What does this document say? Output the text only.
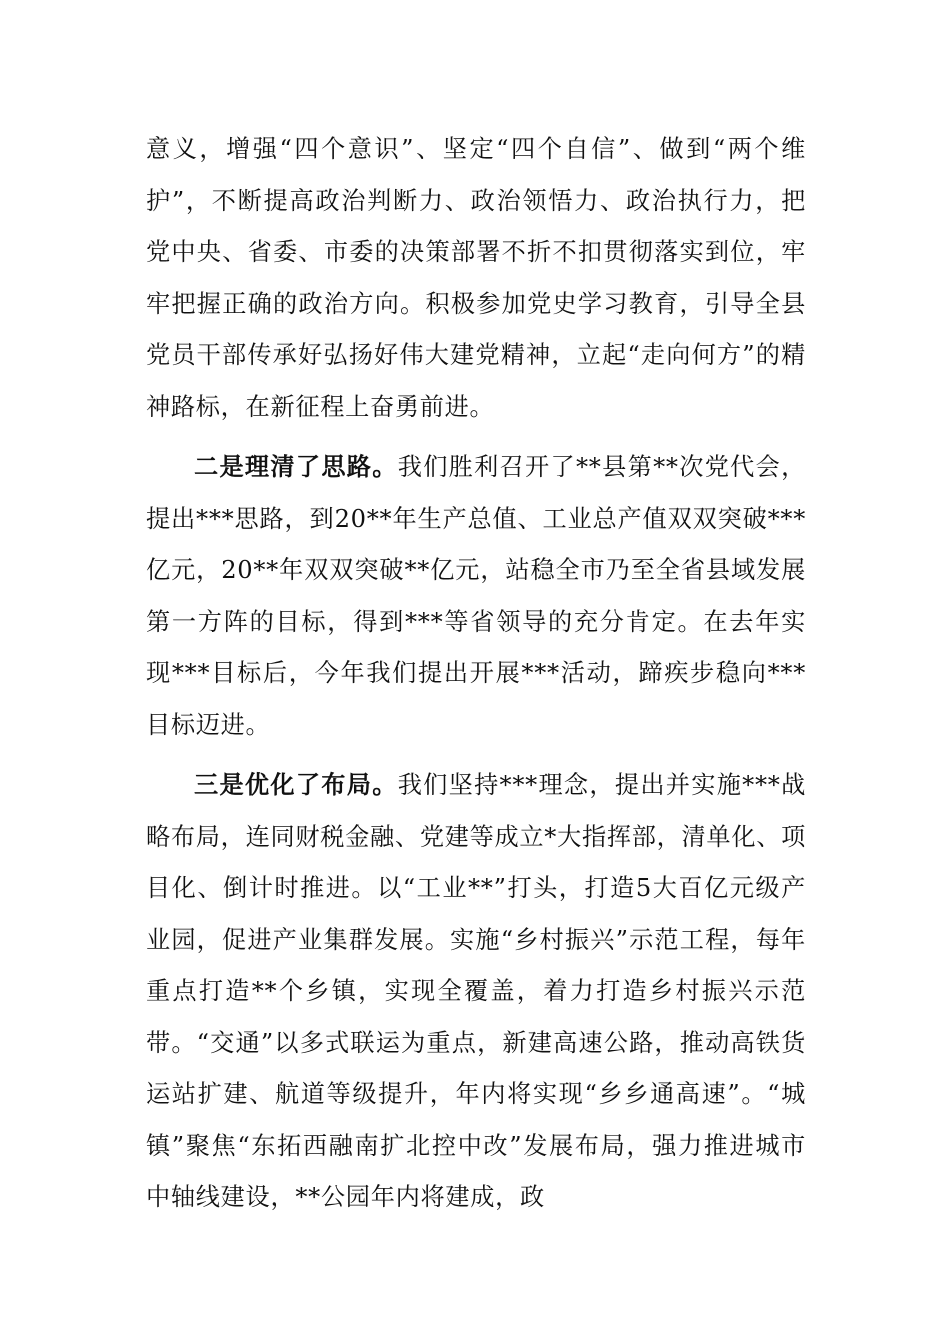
意义，增强“四个意识”、坚定“四个自信”、做到“两个维护”，不断提高政治判断力、政治领悟力、政治执行力，把党中央、省委、市委的决策部署不折不扣贯彻落实到位，牢牢把握正确的政治方向。积极参加党史学习教育，引导全县党员干部传承好弘扬好伟大建党精神，立起“走向何方”的精神路标，在新征程上奋勇前进。

二是理清了思路。我们胜利召开了**县第**次党代会，提出***思路，到20**年生产总值、工业总产值双双突破***亿元，20**年双双突破**亿元，站稳全市乃至全省县域发展第一方阵的目标，得到***等省领导的充分肯定。在去年实现***目标后，今年我们提出开展***活动，蹄疾步稳向***目标迈进。

三是优化了布局。我们坚持***理念，提出并实施***战略布局，连同财税金融、党建等成立*大指挥部，清单化、项目化、倒计时推进。以“工业**”打头，打造5大百亿元级产业园，促进产业集群发展。实施“乡村振兴”示范工程，每年重点打造**个乡镇，实现全覆盖，着力打造乡村振兴示范带。“交通”以多式联运为重点，新建高速公路，推动高铁货运站扩建、航道等级提升，年内将实现“乡乡通高速”。“城镇”聚焦“东拓西融南扩北控中改”发展布局，强力推进城市中轴线建设，**公园年内将建成，政
